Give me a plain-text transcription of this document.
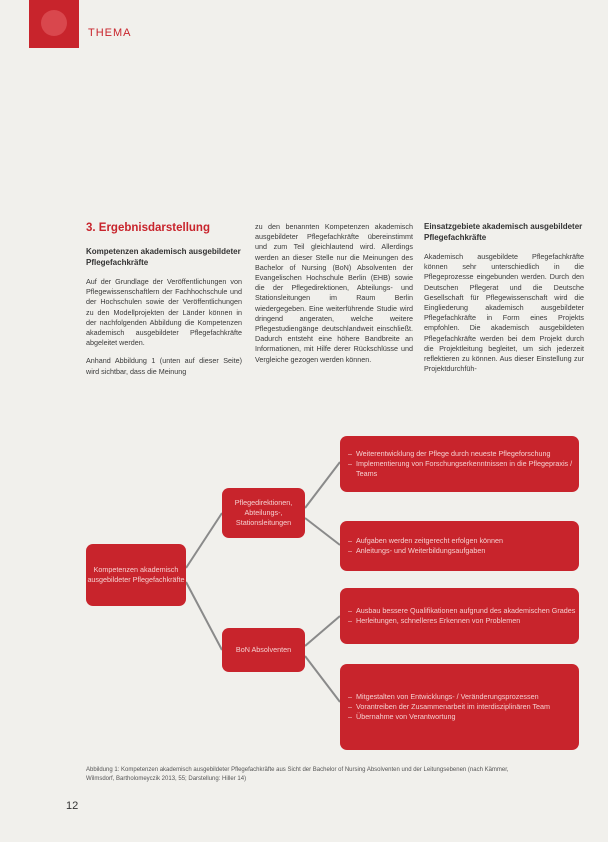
THEMA
3. Ergebnisdarstellung
Kompetenzen akademisch ausgebildeter Pflegefachkräfte

Auf der Grundlage der Veröffentlichungen von Pflegewissenschaftlern der Fachhochschule und der Hochschulen sowie der Veröffentlichungen zu den Modellprojekten der Länder können in der nachfolgenden Abbildung die Kompetenzen akademisch ausgebildeter Pflegefachkräfte abgeleitet werden.

Anhand Abbildung 1 (unten auf dieser Seite) wird sichtbar, dass die Meinung

zu den benannten Kompetenzen akademisch ausgebildeter Pflegefachkräfte übereinstimmt und zum Teil gleichlautend wird. Allerdings werden an dieser Stelle nur die Meinungen des Bachelor of Nursing (BoN) Absolventen der Evangelischen Hochschule Berlin (EHB) sowie die der Pflegedirektionen, Abteilungs- und Stationsleitungen im Raum Berlin wiedergegeben. Eine weiterführende Studie wird dringend angeraten, welche weitere Pflegestudiengänge deutschlandweit einschließt. Dadurch entsteht eine höhere Bandbreite an Informationen, mit Hilfe derer Rückschlüsse und Vergleiche gezogen werden können.

Einsatzgebiete akademisch ausgebildeter Pflegefachkräfte

Akademisch ausgebildete Pflegefachkräfte können sehr unterschiedlich in die Pflegeprozesse eingebunden werden. Durch den Deutschen Pflegerat und die Deutsche Gesellschaft für Pflegewissenschaft wird die Eingliederung akademisch ausgebildeter Pflegefachkräfte in Form eines Projekts empfohlen. Die akademisch ausgebildeten Pflegefachkräfte werden bei dem Projekt durch die Projektleitung begleitet, um sich jederzeit reflektieren zu können. Aus dieser Einstellung zur Projektdurchfüh-

Kompetenzen akademisch ausgebildeter Pflegefachkräfte
Pflegedirektionen, Abteilungs-, Stationsleitungen
BoN Absolventen
– Weiterentwicklung der Pflege durch neueste Pflegeforschung
– Implementierung von Forschungserkenntnissen in die Pflegepraxis / Teams
– Aufgaben werden zeitgerecht erfolgen können
– Anleitungs- und Weiterbildungsaufgaben
– Ausbau bessere Qualifikationen aufgrund des akademischen Grades
– Herleitungen, schnelleres Erkennen von Problemen
– Mitgestalten von Entwicklungs- / Veränderungsprozessen
– Vorantreiben der Zusammenarbeit im interdisziplinären Team
– Übernahme von Verantwortung
Abbildung 1: Kompetenzen akademisch ausgebildeter Pflegefachkräfte aus Sicht der Bachelor of Nursing Absolventen und der Leitungsebenen (nach Kämmer, Wilmsdorf, Bartholomeyczik 2013, 55; Darstellung: Hiller 14)
12
